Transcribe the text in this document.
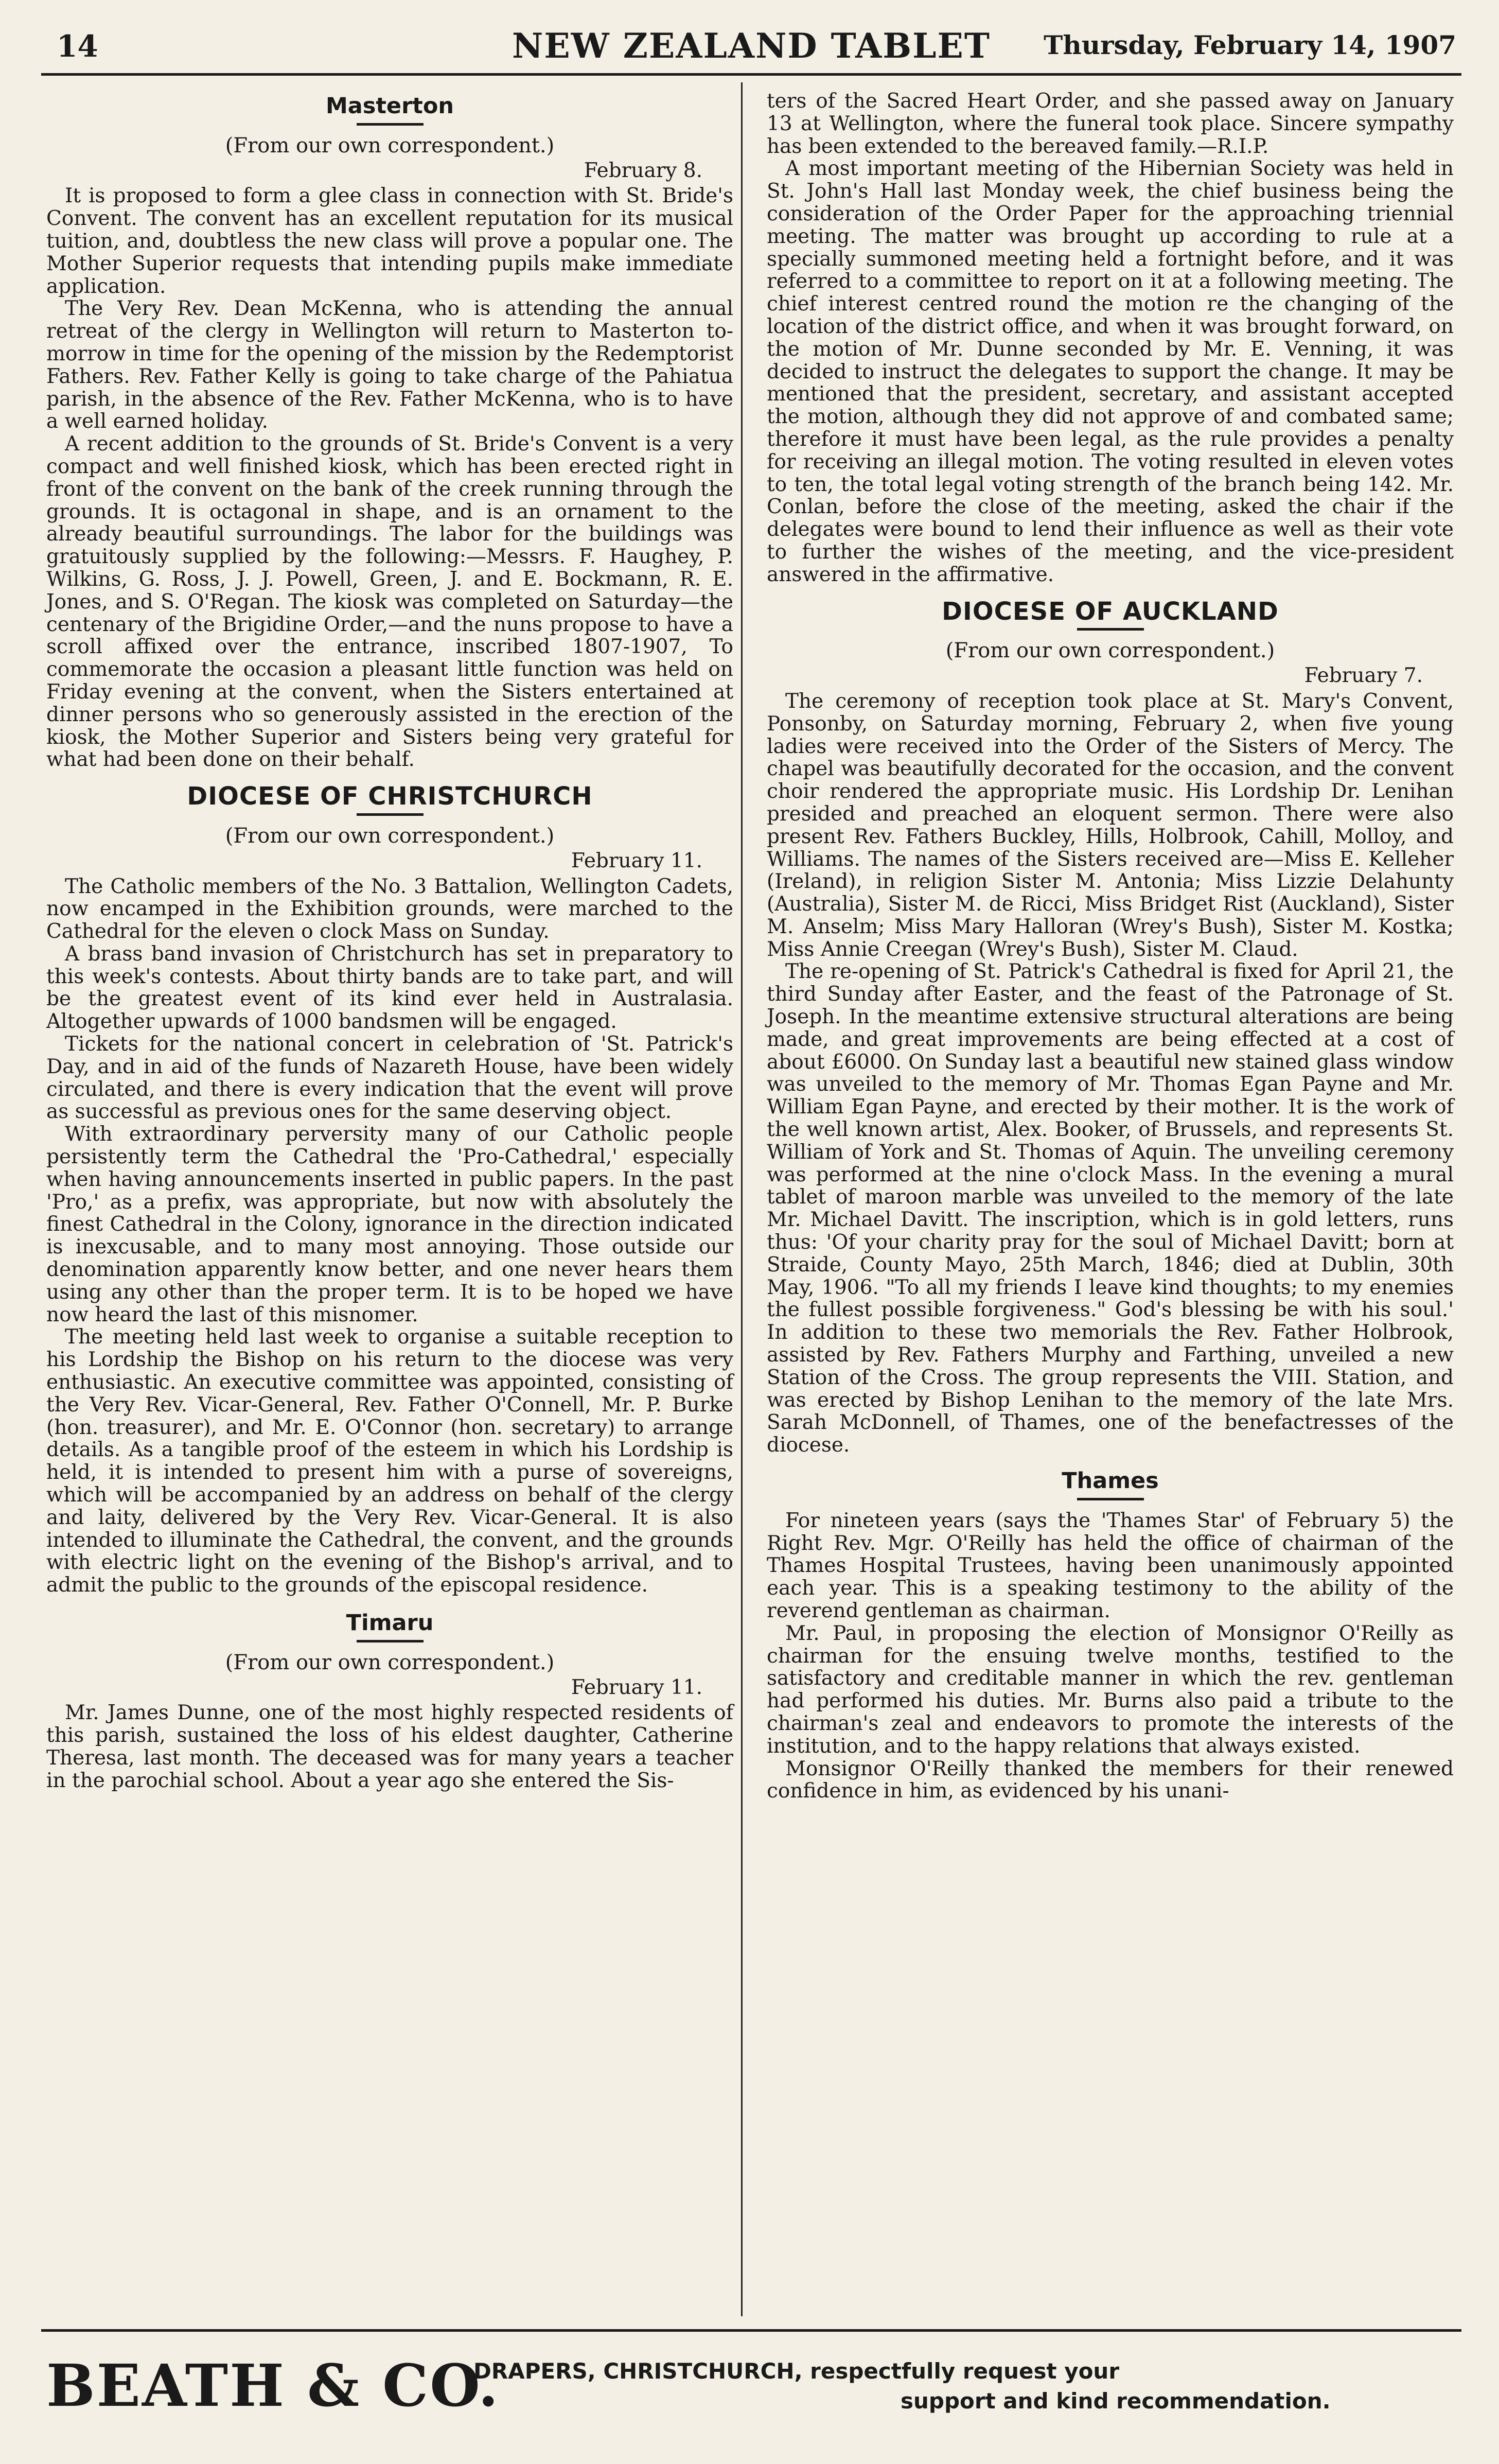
14	NEW ZEALAND TABLET	Thursday, February 14, 1907
Masterton
(From our own correspondent.)
February 8.

It is proposed to form a glee class in connection with St. Bride's Convent. The convent has an excellent reputation for its musical tuition, and, doubtless the new class will prove a popular one. The Mother Superior requests that intending pupils make immediate application.

The Very Rev. Dean McKenna, who is attending the annual retreat of the clergy in Wellington will return to Masterton to-morrow in time for the opening of the mission by the Redemptorist Fathers. Rev. Father Kelly is going to take charge of the Pahiatua parish, in the absence of the Rev. Father McKenna, who is to have a well earned holiday.

A recent addition to the grounds of St. Bride's Convent is a very compact and well finished kiosk, which has been erected right in front of the convent on the bank of the creek running through the grounds. It is octagonal in shape, and is an ornament to the already beautiful surroundings. The labor for the buildings was gratuitously supplied by the following:—Messrs. F. Haughey, P. Wilkins, G. Ross, J. J. Powell, Green, J. and E. Bockmann, R. E. Jones, and S. O'Regan. The kiosk was completed on Saturday—the centenary of the Brigidine Order,—and the nuns propose to have a scroll affixed over the entrance, inscribed 1807-1907, To commemorate the occasion a pleasant little function was held on Friday evening at the convent, when the Sisters entertained at dinner persons who so generously assisted in the erection of the kiosk, the Mother Superior and Sisters being very grateful for what had been done on their behalf.

DIOCESE OF CHRISTCHURCH
(From our own correspondent.)
February 11.

The Catholic members of the No. 3 Battalion, Wellington Cadets, now encamped in the Exhibition grounds, were marched to the Cathedral for the eleven o clock Mass on Sunday.

A brass band invasion of Christchurch has set in preparatory to this week's contests. About thirty bands are to take part, and will be the greatest event of its kind ever held in Australasia. Altogether upwards of 1000 bandsmen will be engaged.

Tickets for the national concert in celebration of 'St. Patrick's Day, and in aid of the funds of Nazareth House, have been widely circulated, and there is every indication that the event will prove as successful as previous ones for the same deserving object.

With extraordinary perversity many of our Catholic people persistently term the Cathedral the 'Pro-Cathedral,' especially when having announcements inserted in public papers. In the past 'Pro,' as a prefix, was appropriate, but now with absolutely the finest Cathedral in the Colony, ignorance in the direction indicated is inexcusable, and to many most annoying. Those outside our denomination apparently know better, and one never hears them using any other than the proper term. It is to be hoped we have now heard the last of this misnomer.

The meeting held last week to organise a suitable reception to his Lordship the Bishop on his return to the diocese was very enthusiastic. An executive committee was appointed, consisting of the Very Rev. Vicar-General, Rev. Father O'Connell, Mr. P. Burke (hon. treasurer), and Mr. E. O'Connor (hon. secretary) to arrange details. As a tangible proof of the esteem in which his Lordship is held, it is intended to present him with a purse of sovereigns, which will be accompanied by an address on behalf of the clergy and laity, delivered by the Very Rev. Vicar-General. It is also intended to illuminate the Cathedral, the convent, and the grounds with electric light on the evening of the Bishop's arrival, and to admit the public to the grounds of the episcopal residence.

Timaru
(From our own correspondent.)
February 11.

Mr. James Dunne, one of the most highly respected residents of this parish, sustained the loss of his eldest daughter, Catherine Theresa, last month. The deceased was for many years a teacher in the parochial school. About a year ago she entered the Sis-

ters of the Sacred Heart Order, and she passed away on January 13 at Wellington, where the funeral took place. Sincere sympathy has been extended to the bereaved family.—R.I.P.

A most important meeting of the Hibernian Society was held in St. John's Hall last Monday week, the chief business being the consideration of the Order Paper for the approaching triennial meeting. The matter was brought up according to rule at a specially summoned meeting held a fortnight before, and it was referred to a committee to report on it at a following meeting. The chief interest centred round the motion re the changing of the location of the district office, and when it was brought forward, on the motion of Mr. Dunne seconded by Mr. E. Venning, it was decided to instruct the delegates to support the change. It may be mentioned that the president, secretary, and assistant accepted the motion, although they did not approve of and combated same; therefore it must have been legal, as the rule provides a penalty for receiving an illegal motion. The voting resulted in eleven votes to ten, the total legal voting strength of the branch being 142. Mr. Conlan, before the close of the meeting, asked the chair if the delegates were bound to lend their influence as well as their vote to further the wishes of the meeting, and the vice-president answered in the affirmative.

DIOCESE OF AUCKLAND
(From our own correspondent.)
February 7.

The ceremony of reception took place at St. Mary's Convent, Ponsonby, on Saturday morning, February 2, when five young ladies were received into the Order of the Sisters of Mercy. The chapel was beautifully decorated for the occasion, and the convent choir rendered the appropriate music. His Lordship Dr. Lenihan presided and preached an eloquent sermon. There were also present Rev. Fathers Buckley, Hills, Holbrook, Cahill, Molloy, and Williams. The names of the Sisters received are—Miss E. Kelleher (Ireland), in religion Sister M. Antonia; Miss Lizzie Delahunty (Australia), Sister M. de Ricci, Miss Bridget Rist (Auckland), Sister M. Anselm; Miss Mary Halloran (Wrey's Bush), Sister M. Kostka; Miss Annie Creegan (Wrey's Bush), Sister M. Claud.

The re-opening of St. Patrick's Cathedral is fixed for April 21, the third Sunday after Easter, and the feast of the Patronage of St. Joseph. In the meantime extensive structural alterations are being made, and great improvements are being effected at a cost of about £6000. On Sunday last a beautiful new stained glass window was unveiled to the memory of Mr. Thomas Egan Payne and Mr. William Egan Payne, and erected by their mother. It is the work of the well known artist, Alex. Booker, of Brussels, and represents St. William of York and St. Thomas of Aquin. The unveiling ceremony was performed at the nine o'clock Mass. In the evening a mural tablet of maroon marble was unveiled to the memory of the late Mr. Michael Davitt. The inscription, which is in gold letters, runs thus: 'Of your charity pray for the soul of Michael Davitt; born at Straide, County Mayo, 25th March, 1846; died at Dublin, 30th May, 1906. "To all my friends I leave kind thoughts; to my enemies the fullest possible forgiveness." God's blessing be with his soul.' In addition to these two memorials the Rev. Father Holbrook, assisted by Rev. Fathers Murphy and Farthing, unveiled a new Station of the Cross. The group represents the VIII. Station, and was erected by Bishop Lenihan to the memory of the late Mrs. Sarah McDonnell, of Thames, one of the benefactresses of the diocese.

Thames

For nineteen years (says the 'Thames Star' of February 5) the Right Rev. Mgr. O'Reilly has held the office of chairman of the Thames Hospital Trustees, having been unanimously appointed each year. This is a speaking testimony to the ability of the reverend gentleman as chairman.

Mr. Paul, in proposing the election of Monsignor O'Reilly as chairman for the ensuing twelve months, testified to the satisfactory and creditable manner in which the rev. gentleman had performed his duties. Mr. Burns also paid a tribute to the chairman's zeal and endeavors to promote the interests of the institution, and to the happy relations that always existed.

Monsignor O'Reilly thanked the members for their renewed confidence in him, as evidenced by his unani-

BEATH & CO.
DRAPERS, CHRISTCHURCH, respectfully request your
support and kind recommendation.
